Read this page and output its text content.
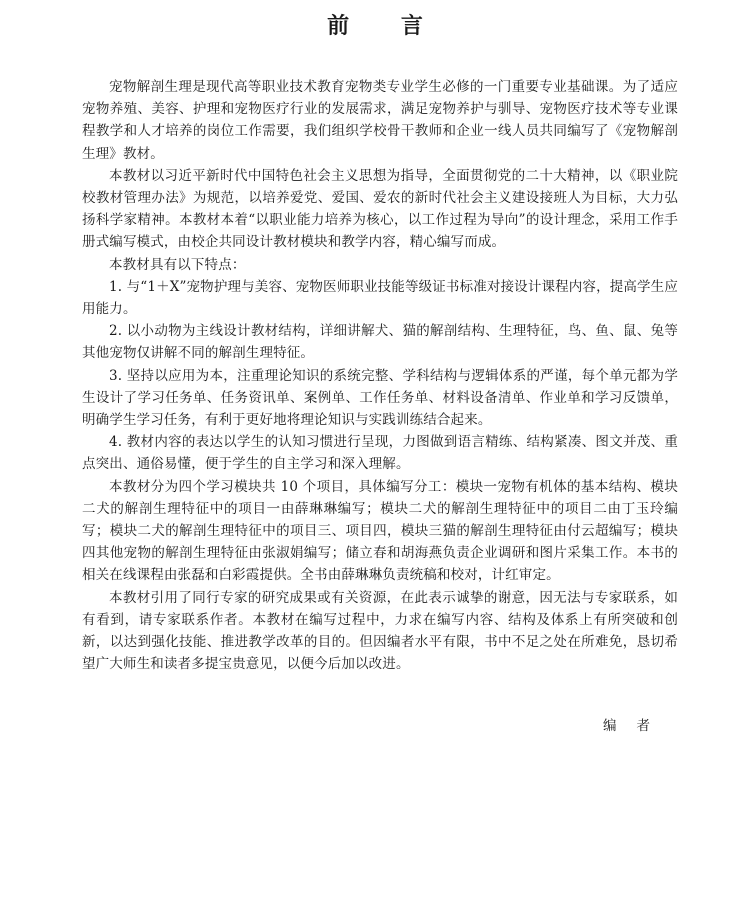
前 言

宠物解剖生理是现代高等职业技术教育宠物类专业学生必修的一门重要专业基础课。为了适应宠物养殖、美容、护理和宠物医疗行业的发展需求，满足宠物养护与驯导、宠物医疗技术等专业课程教学和人才培养的岗位工作需要，我们组织学校骨干教师和企业一线人员共同编写了《宠物解剖生理》教材。

本教材以习近平新时代中国特色社会主义思想为指导，全面贯彻党的二十大精神，以《职业院校教材管理办法》为规范，以培养爱党、爱国、爱农的新时代社会主义建设接班人为目标，大力弘扬科学家精神。本教材本着“以职业能力培养为核心，以工作过程为导向”的设计理念，采用工作手册式编写模式，由校企共同设计教材模块和教学内容，精心编写而成。

本教材具有以下特点：

1. 与“1＋X”宠物护理与美容、宠物医师职业技能等级证书标准对接设计课程内容，提高学生应用能力。

2. 以小动物为主线设计教材结构，详细讲解犬、猫的解剖结构、生理特征，鸟、鱼、鼠、兔等其他宠物仅讲解不同的解剖生理特征。

3. 坚持以应用为本，注重理论知识的系统完整、学科结构与逻辑体系的严谨，每个单元都为学生设计了学习任务单、任务资讯单、案例单、工作任务单、材料设备清单、作业单和学习反馈单，明确学生学习任务，有利于更好地将理论知识与实践训练结合起来。

4. 教材内容的表达以学生的认知习惯进行呈现，力图做到语言精练、结构紧凑、图文并茂、重点突出、通俗易懂，便于学生的自主学习和深入理解。

本教材分为四个学习模块共 10 个项目，具体编写分工：模块一宠物有机体的基本结构、模块二犬的解剖生理特征中的项目一由薛琳琳编写；模块二犬的解剖生理特征中的项目二由丁玉玲编写；模块二犬的解剖生理特征中的项目三、项目四，模块三猫的解剖生理特征由付云超编写；模块四其他宠物的解剖生理特征由张淑娟编写；储立春和胡海燕负责企业调研和图片采集工作。本书的相关在线课程由张磊和白彩霞提供。全书由薛琳琳负责统稿和校对，计红审定。

本教材引用了同行专家的研究成果或有关资源，在此表示诚挚的谢意，因无法与专家联系，如有看到，请专家联系作者。本教材在编写过程中，力求在编写内容、结构及体系上有所突破和创新，以达到强化技能、推进教学改革的目的。但因编者水平有限，书中不足之处在所难免，恳切希望广大师生和读者多提宝贵意见，以便今后加以改进。

编者
